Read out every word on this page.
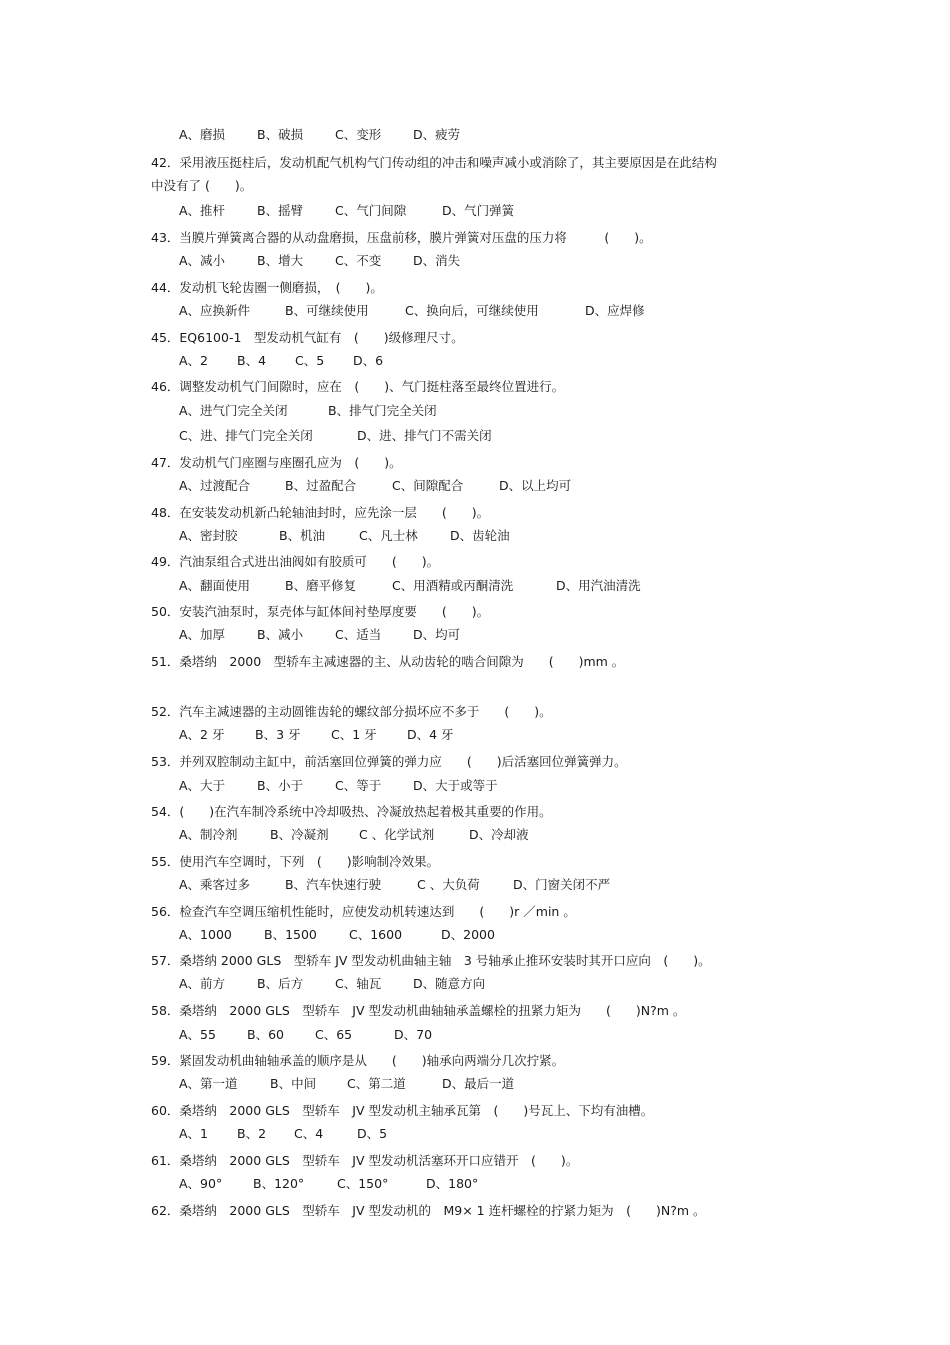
A、磨损	B、破损	C、变形	D、疲劳
42．采用液压挺柱后，发动机配气机构气门传动组的冲击和噪声减小或消除了，其主要原因是在此结构
中没有了 (　　)。
A、推杆	B、摇臂	C、气门间隙	D、气门弹簧
43．当膜片弹簧离合器的从动盘磨损，压盘前移，膜片弹簧对压盘的压力将　　　(　　)。
A、减小	B、增大	C、不变	D、消失
44．发动机飞轮齿圈一侧磨损，　(　　)。
A、应换新件	B、可继续使用	C、换向后，可继续使用	D、应焊修
45．EQ6100-1　型发动机气缸有　(　　)级修理尺寸。
A、2 B、4 C、5 D、6
46．调整发动机气门间隙时，应在　(　　)、气门挺柱落至最终位置进行。
A、进气门完全关闭	B、排气门完全关闭
C、进、排气门完全关闭	D、进、排气门不需关闭
47．发动机气门座圈与座圈孔应为　(　　)。
A、过渡配合	B、过盈配合	C、间隙配合	D、以上均可
48．在安装发动机新凸轮轴油封时，应先涂一层　　(　　)。
A、密封胶	B、机油	C、凡士林	D、齿轮油
49．汽油泵组合式进出油阀如有胶质可　　(　　)。
A、翻面使用	B、磨平修复	C、用酒精或丙酮清洗	D、用汽油清洗
50．安装汽油泵时，泵壳体与缸体间衬垫厚度要　　(　　)。
A、加厚	B、减小	C、适当	D、均可
51．桑塔纳　2000　型轿车主减速器的主、从动齿轮的啮合间隙为　　(　　)mm 。
52．汽车主减速器的主动圆锥齿轮的螺纹部分损坏应不多于　　(　　)。
A、2 牙 B、3 牙 C、1 牙 D、4 牙
53．并列双腔制动主缸中，前活塞回位弹簧的弹力应　　(　　)后活塞回位弹簧弹力。
A、大于	B、小于	C、等于	D、大于或等于
54．(　　)在汽车制冷系统中冷却吸热、冷凝放热起着极其重要的作用。
A、制冷剂	B、冷凝剂 C 、化学试剂	D、冷却液
55．使用汽车空调时，下列　(　　)影响制冷效果。
A、乘客过多	B、汽车快速行驶	C 、大负荷	D、门窗关闭不严
56．检查汽车空调压缩机性能时，应使发动机转速达到　　(　　)r ／min 。
A、1000	B、1500	C、1600	D、2000
57．桑塔纳 2000 GLS　型轿车 JV 型发动机曲轴主轴　3 号轴承止推环安装时其开口应向　(　　)。
A、前方	B、后方	C、轴瓦	D、随意方向
58．桑塔纳　2000 GLS　型轿车　JV 型发动机曲轴轴承盖螺栓的扭紧力矩为　　(　　)N?m 。
A、55 B、60 C、65	D、70
59．紧固发动机曲轴轴承盖的顺序是从　　(　　)轴承向两端分几次拧紧。
A、第一道	B、中间 C、第二道	D、最后一道
60．桑塔纳　2000 GLS　型轿车　JV 型发动机主轴承瓦第　(　　)号瓦上、下均有油槽。
A、1 B、2 C、4	D、5
61．桑塔纳　2000 GLS　型轿车　JV 型发动机活塞环开口应错开　(　　)。
A、90° B、120°	C、150°	D、180°
62．桑塔纳　2000 GLS　型轿车　JV 型发动机的　M9× 1 连杆螺栓的拧紧力矩为　(　　)N?m 。
